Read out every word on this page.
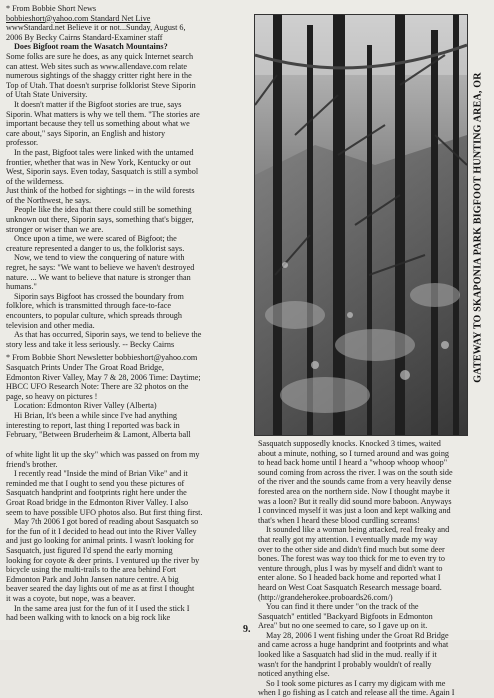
* From Bobbie Short News

bobbieshort@yahoo.com Standard Net Live

wwwStandard.net Believe it or not...Sunday, August 6,

2006 By Becky Cairns Standard-Examiner staff

Does Bigfoot roam the Wasatch Mountains?

Some folks are sure he does, as any quick Internet search

can attest. Web sites such as www.allendave.com relate

numerous sightings of the shaggy critter right here in the

Top of Utah. That doesn't surprise folklorist Steve Siporin

of Utah State University.

It doesn't matter if the Bigfoot stories are true, says

Siporin. What matters is why we tell them. "The stories are

important because they tell us something about what we

care about," says Siporin, an English and history

professor.

In the past, Bigfoot tales were linked with the untamed

frontier, whether that was in New York, Kentucky or out

West, Siporin says. Even today, Sasquatch is still a symbol

of the wilderness.

Just think of the hotbed for sightings -- in the wild forests

of the Northwest, he says.

People like the idea that there could still be something

unknown out there, Siporin says, something that's bigger,

stronger or wiser than we are.

Once upon a time, we were scared of Bigfoot; the

creature represented a danger to us, the folklorist says.

Now, we tend to view the conquering of nature with

regret, he says: "We want to believe we haven't destroyed

nature. ... We want to believe that nature is stronger than

humans."

Siporin says Bigfoot has crossed the boundary from

folklore, which is transmitted through face-to-face

encounters, to popular culture, which spreads through

television and other media.

As that has occurred, Siporin says, we tend to believe the

story less and take it less seriously. -- Becky Cairns

* From Bobbie Short Newsletter bobbieshort@yahoo.com

Sasquatch Prints Under The Groat Road Bridge,

Edmonton River Valley, May 7 & 28, 2006 Time: Daytime;

HBCC UFO Research Note: There are 32 photos on the

page, so heavy on pictures !

Location: Edmonton River Valley (Alberta)

Hi Brian, It's been a while since I've had anything

interesting to report, last thing I reported was back in

February, "Between Bruderheim & Lamont, Alberta ball

GATEWAY TO SKAPONIA PARK BIGFOOT HUNTING AREA, OR

of white light lit up the sky" which was passed on from my

friend's brother.

I recently read "Inside the mind of Brian Vike" and it

reminded me that I ought to send you these pictures of

Sasquatch handprint and footprints right here under the

Groat Road bridge in the Edmonton River Valley. I also

seem to have possible UFO photos also. But first thing first.

May 7th 2006 I got bored of reading about Sasquatch so

for the fun of it I decided to head out into the River Valley

and just go looking for animal prints. I wasn't looking for

Sasquatch, just figured I'd spend the early morning

looking for coyote & deer prints. I ventured up the river by

bicycle using the multi-trails to the area behind Fort

Edmonton Park and John Jansen nature centre. A big

beaver seared the day lights out of me as at first I thought

it was a coyote, but nope, was a beaver.

In the same area just for the fun of it I used the stick I

had been walking with to knock on a big rock like

Sasquatch supposedly knocks. Knocked 3 times, waited

about a minute, nothing, so I turned around and was going

to head back home until I heard a "whoop whoop whoop"

sound coming from across the river. I was on the south side

of the river and the sounds came from a very heavily dense

forested area on the northern side. Now I thought maybe it

was a loon? But it really did sound more baboon. Anyways

I convinced myself it was just a loon and kept walking and

that's when I heard these blood curdling screams!

It sounded like a woman being attacked, real freaky and

that really got my attention. I eventually made my way

over to the other side and didn't find much but some deer

bones. The forest was way too thick for me to even try to

venture through, plus I was by myself and didn't want to

enter alone. So I headed back home and reported what I

heard on West Coat Sasquatch Research message board.

(http://grandeherokee.proboards26.com/)

You can find it there under "on the track of the

Sasquatch" entitled "Backyard Bigfoots in Edmonton

Area" but no one seemed to care, so I gave up on it.

May 28, 2006 I went fishing under the Groat Rd Bridge

and came across a huge handprint and footprints and what

looked like a Sasquatch had slid in the mud. really if it

wasn't for the handprint I probably wouldn't of really

noticed anything else.

So I took some pictures as I carry my digicam with me

when I go fishing as I catch and release all the time. Again I

9.
